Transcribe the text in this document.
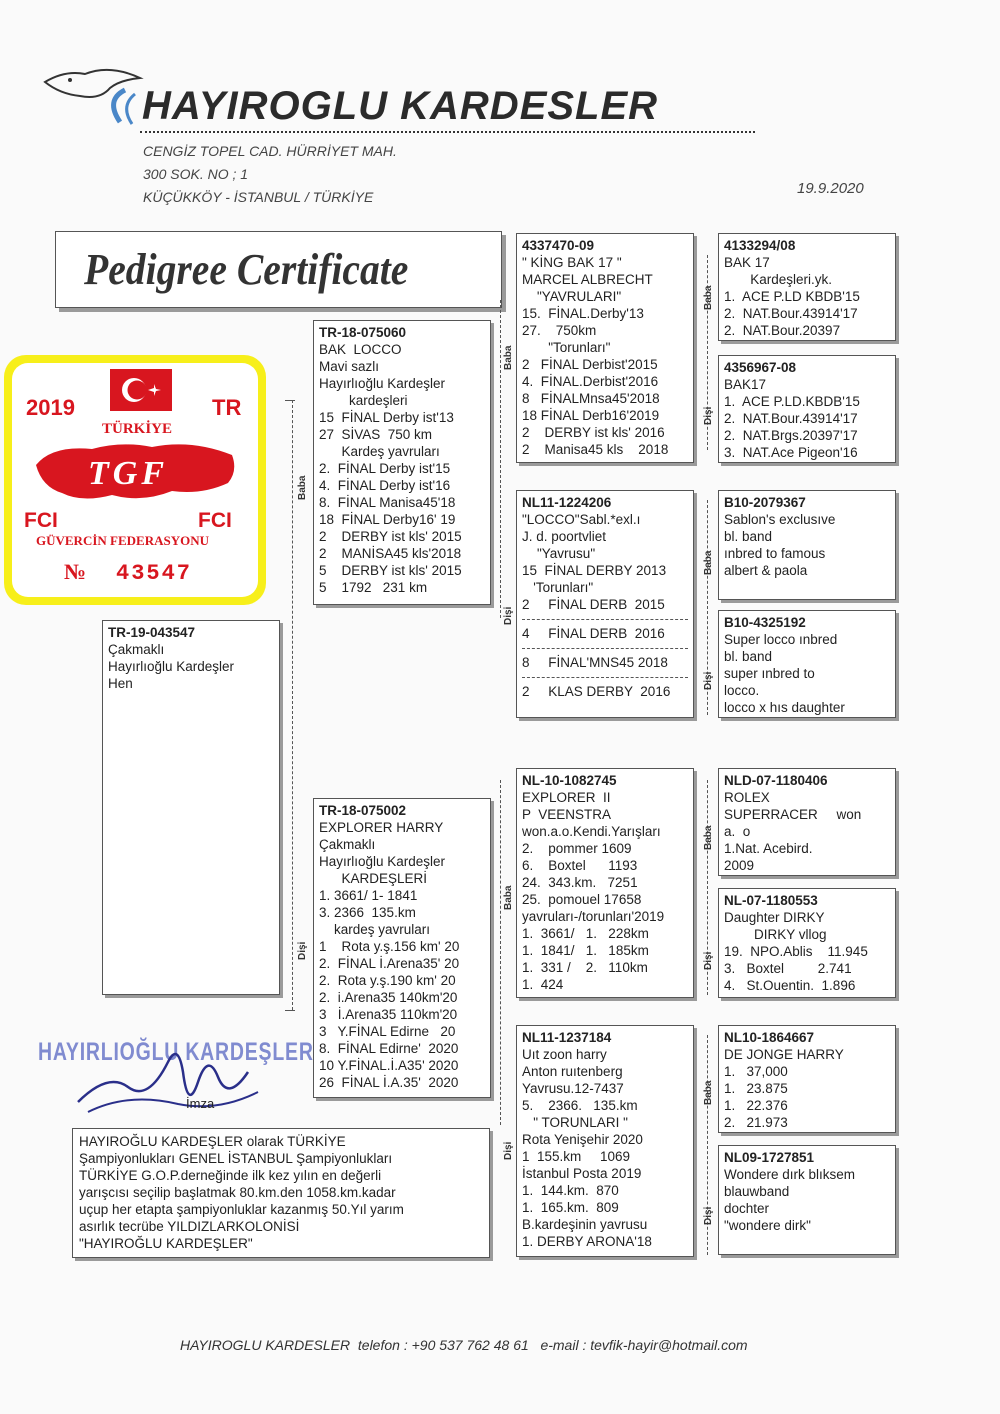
HAYIROGLU KARDESLER
CENGİZ TOPEL CAD. HÜRRİYET MAH.
300 SOK. NO ; 1
KÜÇÜKKÖY - İSTANBUL / TÜRKİYE	19.9.2020
Pedigree Certificate
2019	TR
TÜRKİYE
TGF
FCI	FCI
GÜVERCİN FEDERASYONU
№ 43547
TR-19-043547
Çakmaklı
Hayırlıoğlu Kardeşler
Hen
TR-18-075060
BAK  LOCCO
Mavi sazlı
Hayırlıoğlu Kardeşler
kardeşleri
15  FİNAL Derby ist'13
27  SİVAS  750 km
Kardeş yavruları
2.  FİNAL Derby ist'15
4.  FİNAL Derby ist'16
8.  FİNAL Manisa45'18
18  FİNAL Derby16' 19
2    DERBY ist kls' 2015
2    MANİSA45 kls'2018
5    DERBY ist kls' 2015
5    1792   231 km
Baba
TR-18-075002
EXPLORER HARRY
Çakmaklı
Hayırlıoğlu Kardeşler
KARDEŞLERİ
1. 3661/ 1- 1841
3. 2366  135.km
kardeş yavruları
1    Rota y.ş.156 km' 20
2.  FİNAL İ.Arena35' 20
2.  Rota y.ş.190 km' 20
2.  i.Arena35 140km'20
3   İ.Arena35 110km'20
3   Y.FİNAL Edirne   20
8.  FİNAL Edirne'  2020
10 Y.FİNAL.İ.A35' 2020
26  FİNAL İ.A.35'  2020
Dişi
4337470-09
" KİNG BAK 17 "
MARCEL ALBRECHT
"YAVRULARI"
15.  FİNAL.Derby'13
27.    750km
"Torunları"
2   FİNAL Derbist'2015
4.  FİNAL.Derbist'2016
8   FİNALMnsa45'2018
18 FİNAL Derb16'2019
2    DERBY ist kls' 2016
2    Manisa45 kls    2018
Baba
NL11-1224206
"LOCCO"Sabl.*exl.ı
J. d. poortvliet
"Yavrusu"
15  FİNAL DERBY 2013
'Torunları"
2     FİNAL DERB  2015
4     FİNAL DERB  2016
8     FİNAL'MNS45 2018
2     KLAS DERBY  2016
Dişi
NL-10-1082745
EXPLORER  II
P  VEENSTRA
won.a.o.Kendi.Yarışları
2.    pommer 1609
6.    Boxtel      1193
24.  343.km.   7251
25.  pomouel 17658
yavruları-/torunları'2019
1.  3661/   1.   228km
1.  1841/   1.   185km
1.  331 /    2.   110km
1.  424
Baba
NL11-1237184
Uıt zoon harry
Anton ruıtenberg
Yavrusu.12-7437
5.    2366.   135.km
" TORUNLARI "
Rota Yenişehir 2020
1  155.km     1069
İstanbul Posta 2019
1.  144.km.  870
1.  165.km.  809
B.kardeşinin yavrusu
1. DERBY ARONA'18
Dişi
4133294/08
BAK 17
Kardeşleri.yk.
1.  ACE P.LD KBDB'15
2.  NAT.Bour.43914'17
2.  NAT.Bour.20397
Baba
4356967-08
BAK17
1.  ACE P.LD.KBDB'15
2.  NAT.Bour.43914'17
2.  NAT.Brgs.20397'17
3.  NAT.Ace Pigeon'16
Dişi
B10-2079367
Sablon's exclusıve
bl. band
ınbred to famous
albert & paola
Baba
B10-4325192
Super locco ınbred
bl. band
super ınbred to
locco.
locco x hıs daughter
Dişi
NLD-07-1180406
ROLEX
SUPERRACER     won
a.  o
1.Nat. Acebird.
2009
Baba
NL-07-1180553
Daughter DIRKY
DIRKY vllog
19.  NPO.Ablis    11.945
3.   Boxtel         2.741
4.   St.Ouentin.  1.896
Dişi
NL10-1864667
DE JONGE HARRY
1.   37,000
1.   23.875
1.   22.376
2.   21.973
Baba
NL09-1727851
Wondere dırk blıksem
blauwband
dochter
"wondere dirk"
Dişi
HAYIRLIOĞLU KARDEŞLER
İmza
HAYIROĞLU KARDEŞLER olarak TÜRKİYE
Şampiyonlukları GENEL İSTANBUL Şampiyonlukları
TÜRKİYE G.O.P.derneğinde ilk kez yılın en değerli
yarışcısı seçilip başlatmak 80.km.den 1058.km.kadar
uçup her etapta şampiyonluklar kazanmış 50.Yıl yarım
asırlık tecrübe YILDIZLARKOLONİSİ
"HAYIROĞLU KARDEŞLER"
HAYIROGLU KARDESLER  telefon : +90 537 762 48 61   e-mail : tevfik-hayir@hotmail.com
